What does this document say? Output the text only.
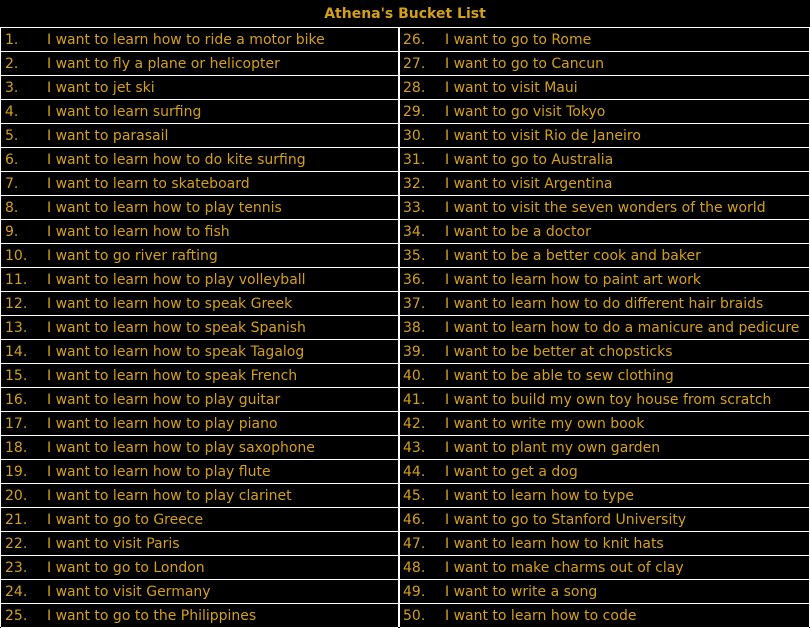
Athena's Bucket List
1. I want to learn how to ride a motor bike
2. I want to fly a plane or helicopter
3. I want to jet ski
4. I want to learn surfing
5. I want to parasail
6. I want to learn how to do kite surfing
7. I want to learn to skateboard
8. I want to learn how to play tennis
9. I want to learn how to fish
10. I want to go river rafting
11. I want to learn how to play volleyball
12. I want to learn how to speak Greek
13. I want to learn how to speak Spanish
14. I want to learn how to speak Tagalog
15. I want to learn how to speak French
16. I want to learn how to play guitar
17. I want to learn how to play piano
18. I want to learn how to play saxophone
19. I want to learn how to play flute
20. I want to learn how to play clarinet
21. I want to go to Greece
22. I want to visit Paris
23. I want to go to London
24. I want to visit Germany
25. I want to go to the Philippines
26. I want to go to Rome
27. I want to go to Cancun
28. I want to visit Maui
29. I want to go visit Tokyo
30. I want to visit Rio de Janeiro
31. I want to go to Australia
32. I want to visit Argentina
33. I want to visit the seven wonders of the world
34. I want to be a doctor
35. I want to be a better cook and baker
36. I want to learn how to paint art work
37. I want to learn how to do different hair braids
38. I want to learn how to do a manicure and pedicure
39. I want to be better at chopsticks
40. I want to be able to sew clothing
41. I want to build my own toy house from scratch
42. I want to write my own book
43. I want to plant my own garden
44. I want to get a dog
45. I want to learn how to type
46. I want to go to Stanford University
47. I want to learn how to knit hats
48. I want to make charms out of clay
49. I want to write a song
50. I want to learn how to code
